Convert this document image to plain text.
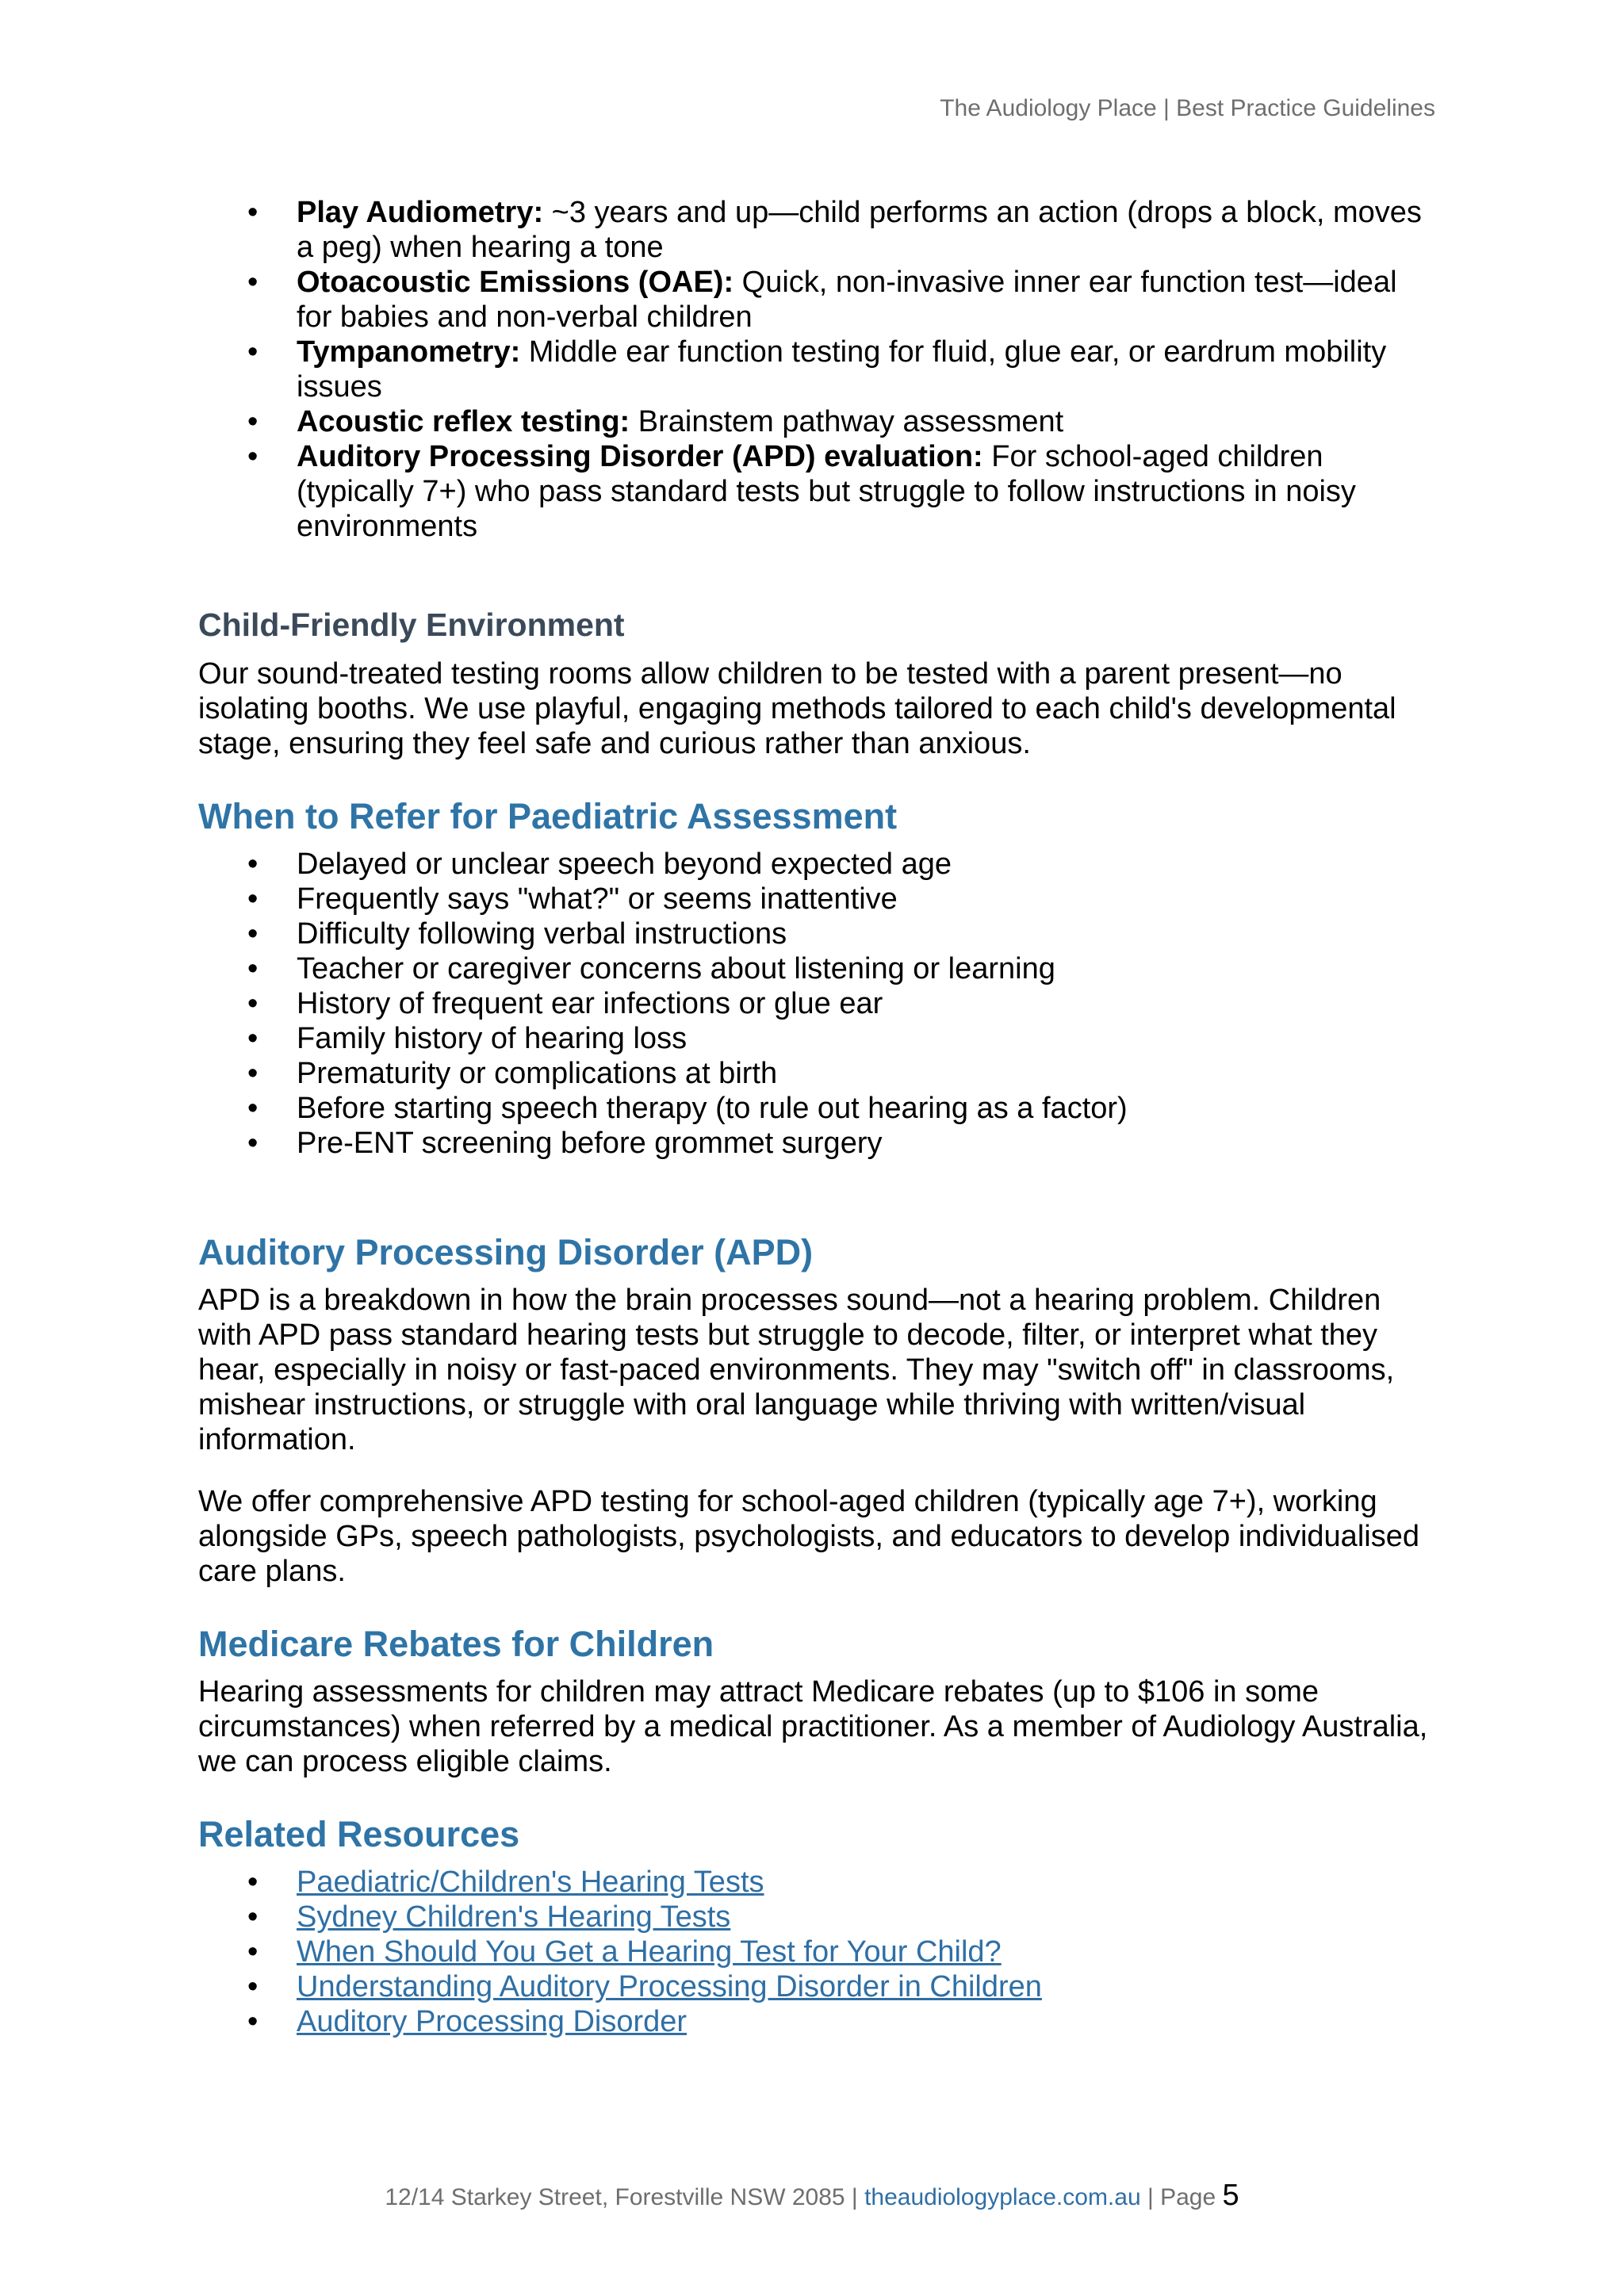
The Audiology Place | Best Practice Guidelines
• Play Audiometry: ~3 years and up—child performs an action (drops a block, moves a peg) when hearing a tone
• Otoacoustic Emissions (OAE): Quick, non-invasive inner ear function test—ideal for babies and non-verbal children
• Tympanometry: Middle ear function testing for fluid, glue ear, or eardrum mobility issues
• Acoustic reflex testing: Brainstem pathway assessment
• Auditory Processing Disorder (APD) evaluation: For school-aged children (typically 7+) who pass standard tests but struggle to follow instructions in noisy environments
Child-Friendly Environment

Our sound-treated testing rooms allow children to be tested with a parent present—no isolating booths. We use playful, engaging methods tailored to each child's developmental stage, ensuring they feel safe and curious rather than anxious.

When to Refer for Paediatric Assessment
• Delayed or unclear speech beyond expected age
• Frequently says "what?" or seems inattentive
• Difficulty following verbal instructions
• Teacher or caregiver concerns about listening or learning
• History of frequent ear infections or glue ear
• Family history of hearing loss
• Prematurity or complications at birth
• Before starting speech therapy (to rule out hearing as a factor)
• Pre-ENT screening before grommet surgery
Auditory Processing Disorder (APD)

APD is a breakdown in how the brain processes sound—not a hearing problem. Children with APD pass standard hearing tests but struggle to decode, filter, or interpret what they hear, especially in noisy or fast-paced environments. They may "switch off" in classrooms, mishear instructions, or struggle with oral language while thriving with written/visual information.

We offer comprehensive APD testing for school-aged children (typically age 7+), working alongside GPs, speech pathologists, psychologists, and educators to develop individualised care plans.

Medicare Rebates for Children

Hearing assessments for children may attract Medicare rebates (up to $106 in some circumstances) when referred by a medical practitioner. As a member of Audiology Australia, we can process eligible claims.

Related Resources
• Paediatric/Children's Hearing Tests
• Sydney Children's Hearing Tests
• When Should You Get a Hearing Test for Your Child?
• Understanding Auditory Processing Disorder in Children
• Auditory Processing Disorder
12/14 Starkey Street, Forestville NSW 2085 | theaudiologyplace.com.au | Page 5
